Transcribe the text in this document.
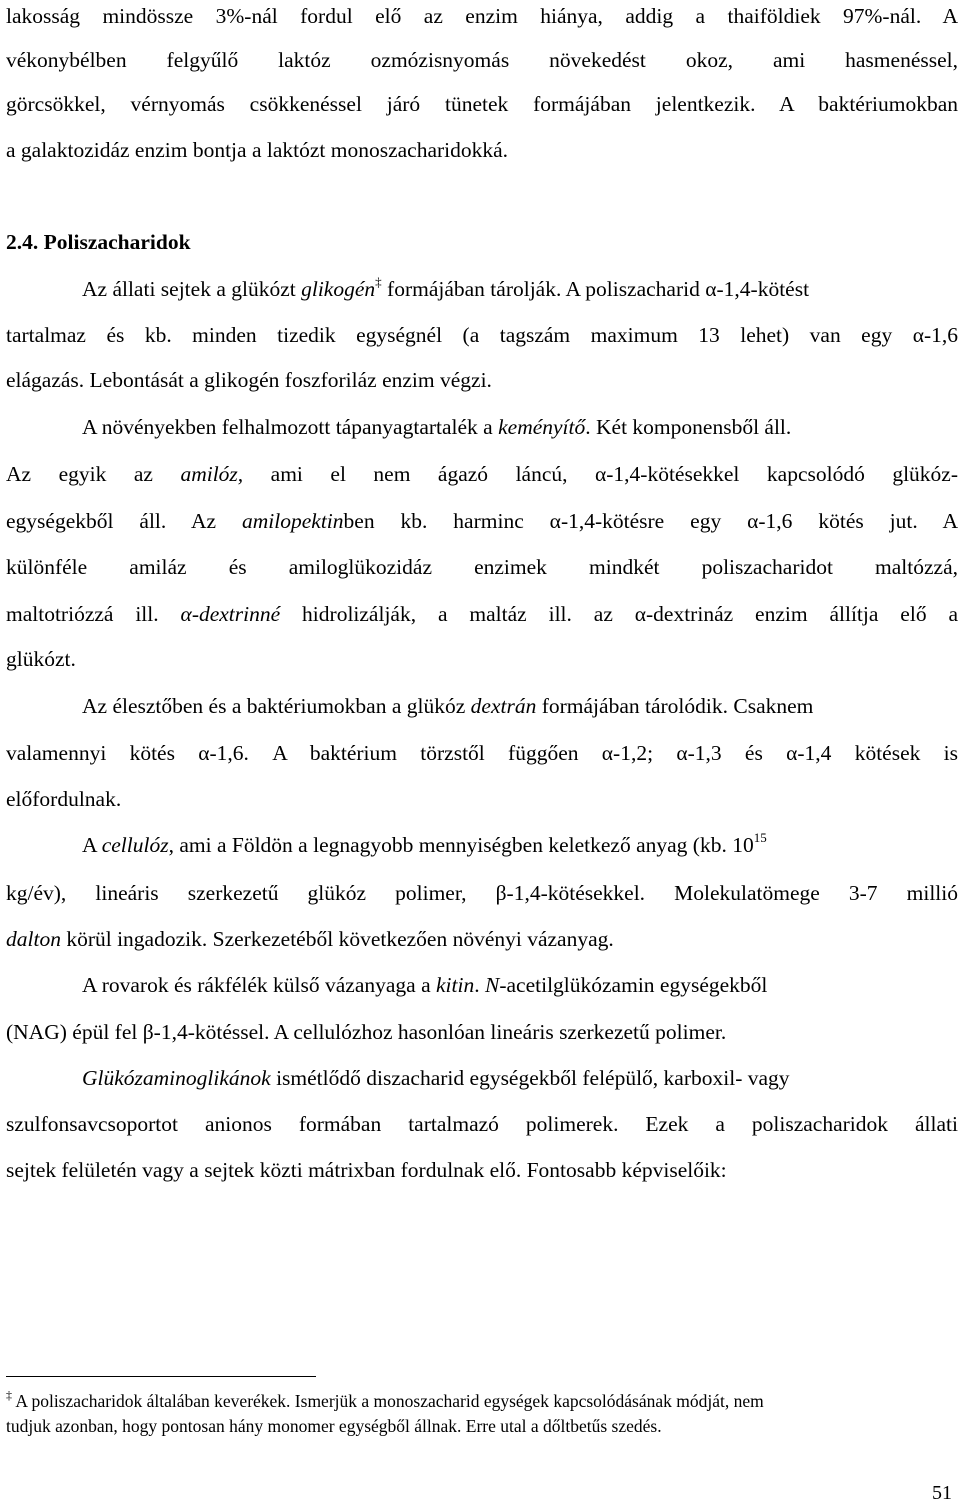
lakosság mindössze 3%-nál fordul elő az enzim hiánya, addig a thaiföldiek 97%-nál. A
vékonybélben felgyűlő laktóz ozmózisnyomás növekedést okoz, ami hasmenéssel,
görcsökkel, vérnyomás csökkenéssel járó tünetek formájában jelentkezik. A baktériumokban
a galaktozidáz enzim bontja a laktózt monoszacharidokká.
2.4. Poliszacharidok
Az állati sejtek a glükózt glikogén‡ formájában tárolják. A poliszacharid α-1,4-kötést
tartalmaz és kb. minden tizedik egységnél (a tagszám maximum 13 lehet) van egy α-1,6
elágazás. Lebontását a glikogén foszforiláz enzim végzi.
A növényekben felhalmozott tápanyagtartalék a keményítő. Két komponensből áll.
Az egyik az amilóz, ami el nem ágazó láncú, α-1,4-kötésekkel kapcsolódó glükóz-
egységekből áll. Az amilopektinben kb. harminc α-1,4-kötésre egy α-1,6 kötés jut. A
különféle amiláz és amiloglükozidáz enzimek mindkét poliszacharidot maltózzá,
maltotriózzá ill. α-dextrinné hidrolizálják, a maltáz ill. az α-dextrináz enzim állítja elő a
glükózt.
Az élesztőben és a baktériumokban a glükóz dextrán formájában tárolódik. Csaknem
valamennyi kötés α-1,6. A baktérium törzstől függően α-1,2; α-1,3 és α-1,4 kötések is
előfordulnak.
A cellulóz, ami a Földön a legnagyobb mennyiségben keletkező anyag (kb. $10^{15}$
kg/év), lineáris szerkezetű glükóz polimer, β-1,4-kötésekkel. Molekulatömege 3-7 millió
dalton körül ingadozik. Szerkezetéből következően növényi vázanyag.
A rovarok és rákfélék külső vázanyaga a kitin. N-acetilglükózamin egységekből
(NAG) épül fel β-1,4-kötéssel. A cellulózhoz hasonlóan lineáris szerkezetű polimer.
Glükózaminoglikánok ismétlődő diszacharid egységekből felépülő, karboxil- vagy
szulfonsavcsoportot anionos formában tartalmazó polimerek. Ezek a poliszacharidok állati
sejtek felületén vagy a sejtek közti mátrixban fordulnak elő. Fontosabb képviselőik:
‡ A poliszacharidok általában keverékek. Ismerjük a monoszacharid egységek kapcsolódásának módját, nem
tudjuk azonban, hogy pontosan hány monomer egységből állnak. Erre utal a dőltbetűs szedés.
51
